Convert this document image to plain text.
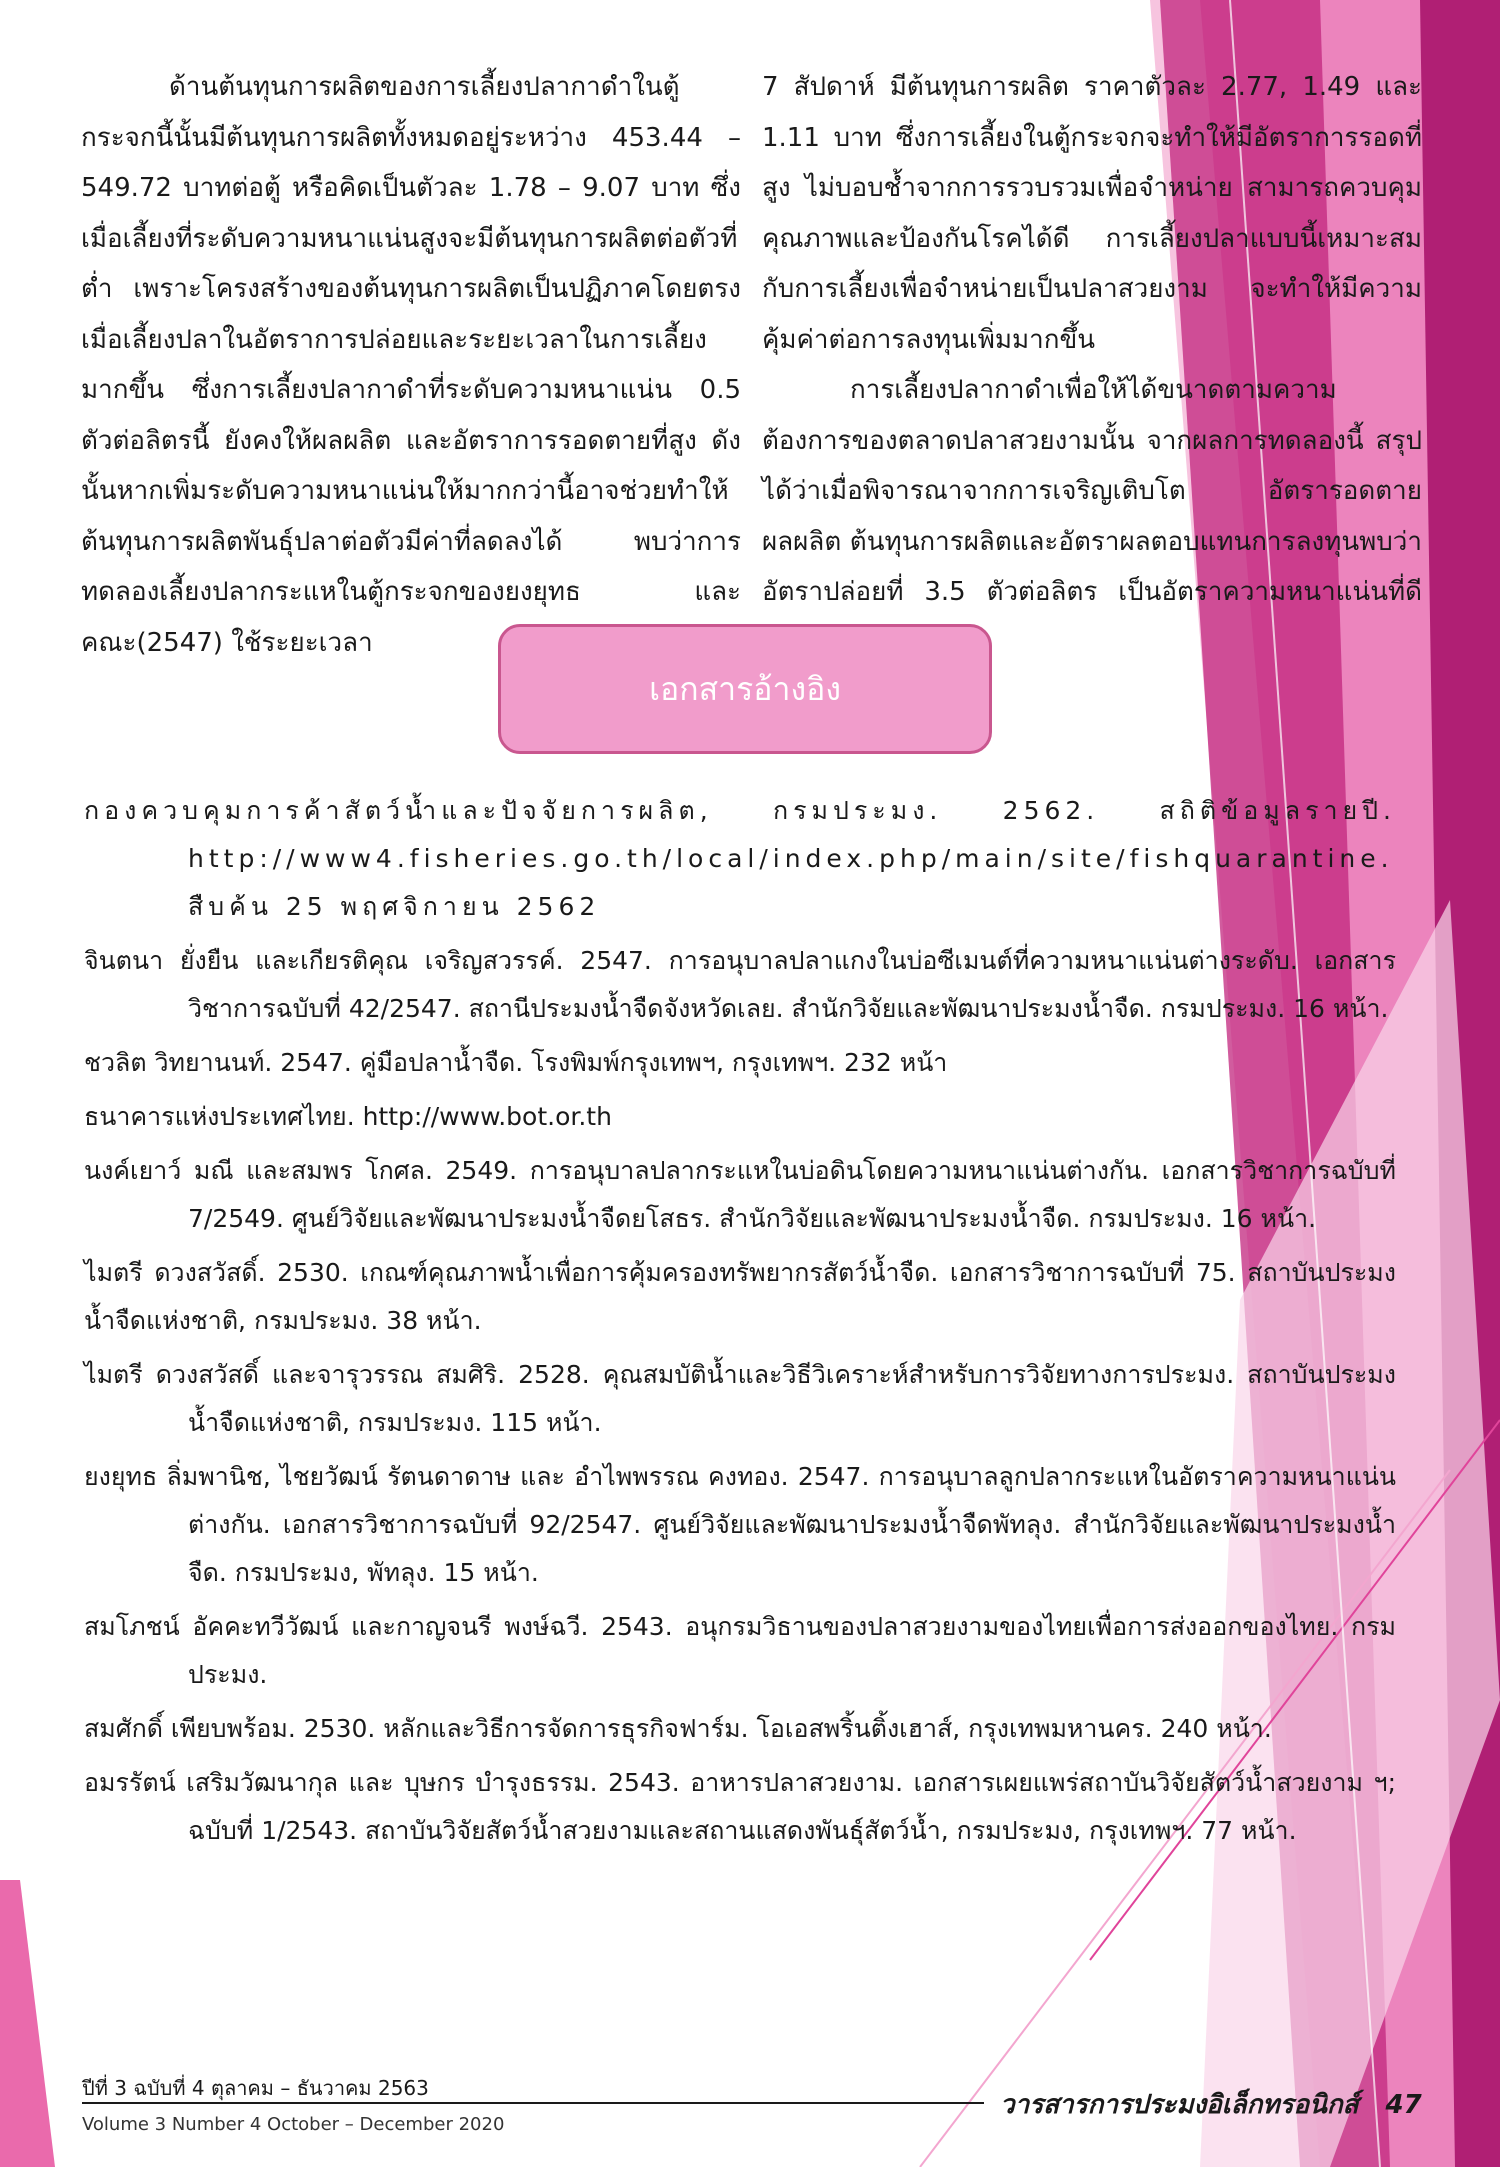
ด้านต้นทุนการผลิตของการเลี้ยงปลากาดำในตู้กระจกนี้นั้นมีต้นทุนการผลิตทั้งหมดอยู่ระหว่าง 453.44 – 549.72 บาทต่อตู้ หรือคิดเป็นตัวละ 1.78 – 9.07 บาท ซึ่งเมื่อเลี้ยงที่ระดับความหนาแน่นสูงจะมีต้นทุนการผลิตต่อตัวที่ต่ำ เพราะโครงสร้างของต้นทุนการผลิตเป็นปฏิภาคโดยตรงเมื่อเลี้ยงปลาในอัตราการปล่อยและระยะเวลาในการเลี้ยงมากขึ้น ซึ่งการเลี้ยงปลากาดำที่ระดับความหนาแน่น 0.5 ตัวต่อลิตรนี้ ยังคงให้ผลผลิต และอัตราการรอดตายที่สูง ดังนั้นหากเพิ่มระดับความหนาแน่นให้มากกว่านี้อาจช่วยทำให้ต้นทุนการผลิตพันธุ์ปลาต่อตัวมีค่าที่ลดลงได้ พบว่าการทดลองเลี้ยงปลากระแหในตู้กระจกของยงยุทธ และคณะ(2547) ใช้ระยะเวลา

7 สัปดาห์ มีต้นทุนการผลิต ราคาตัวละ 2.77, 1.49 และ 1.11 บาท ซึ่งการเลี้ยงในตู้กระจกจะทำให้มีอัตราการรอดที่สูง ไม่บอบช้ำจากการรวบรวมเพื่อจำหน่าย สามารถควบคุมคุณภาพและป้องกันโรคได้ดี การเลี้ยงปลาแบบนี้เหมาะสมกับการเลี้ยงเพื่อจำหน่ายเป็นปลาสวยงาม จะทำให้มีความคุ้มค่าต่อการลงทุนเพิ่มมากขึ้น

การเลี้ยงปลากาดำเพื่อให้ได้ขนาดตามความต้องการของตลาดปลาสวยงามนั้น จากผลการทดลองนี้ สรุปได้ว่าเมื่อพิจารณาจากการเจริญเติบโต อัตรารอดตาย ผลผลิต ต้นทุนการผลิตและอัตราผลตอบแทนการลงทุนพบว่า อัตราปล่อยที่ 3.5 ตัวต่อลิตร เป็นอัตราความหนาแน่นที่ดี

เอกสารอ้างอิง

กองควบคุมการค้าสัตว์น้ำและปัจจัยการผลิต, กรมประมง. 2562. สถิติข้อมูลรายปี. http://www4.fisheries.go.th/local/index.php/main/site/fishquarantine. สืบค้น 25 พฤศจิกายน 2562

จินตนา ยั่งยืน และเกียรติคุณ เจริญสวรรค์. 2547. การอนุบาลปลาแกงในบ่อซีเมนต์ที่ความหนาแน่นต่างระดับ. เอกสารวิชาการฉบับที่ 42/2547. สถานีประมงน้ำจืดจังหวัดเลย. สำนักวิจัยและพัฒนาประมงน้ำจืด. กรมประมง. 16 หน้า.

ชวลิต วิทยานนท์. 2547. คู่มือปลาน้ำจืด. โรงพิมพ์กรุงเทพฯ, กรุงเทพฯ. 232 หน้า

ธนาคารแห่งประเทศไทย. http://www.bot.or.th

นงค์เยาว์ มณี และสมพร โกศล. 2549. การอนุบาลปลากระแหในบ่อดินโดยความหนาแน่นต่างกัน. เอกสารวิชาการฉบับที่ 7/2549. ศูนย์วิจัยและพัฒนาประมงน้ำจืดยโสธร. สำนักวิจัยและพัฒนาประมงน้ำจืด. กรมประมง. 16 หน้า.

ไมตรี ดวงสวัสดิ์. 2530. เกณฑ์คุณภาพน้ำเพื่อการคุ้มครองทรัพยากรสัตว์น้ำจืด. เอกสารวิชาการฉบับที่ 75. สถาบันประมงน้ำจืดแห่งชาติ, กรมประมง. 38 หน้า.

ไมตรี ดวงสวัสดิ์ และจารุวรรณ สมศิริ. 2528. คุณสมบัติน้ำและวิธีวิเคราะห์สำหรับการวิจัยทางการประมง. สถาบันประมงน้ำจืดแห่งชาติ, กรมประมง. 115 หน้า.

ยงยุทธ ลิ่มพานิช, ไชยวัฒน์ รัตนดาดาษ และ อำไพพรรณ คงทอง. 2547. การอนุบาลลูกปลากระแหในอัตราความหนาแน่นต่างกัน. เอกสารวิชาการฉบับที่ 92/2547. ศูนย์วิจัยและพัฒนาประมงน้ำจืดพัทลุง. สำนักวิจัยและพัฒนาประมงน้ำจืด. กรมประมง, พัทลุง. 15 หน้า.

สมโภชน์ อัคคะทวีวัฒน์ และกาญจนรี พงษ์ฉวี. 2543. อนุกรมวิธานของปลาสวยงามของไทยเพื่อการส่งออกของไทย. กรมประมง.

สมศักดิ์ เพียบพร้อม. 2530. หลักและวิธีการจัดการธุรกิจฟาร์ม. โอเอสพริ้นติ้งเฮาส์, กรุงเทพมหานคร. 240 หน้า.

อมรรัตน์ เสริมวัฒนากุล และ บุษกร บำรุงธรรม. 2543. อาหารปลาสวยงาม. เอกสารเผยแพร่สถาบันวิจัยสัตว์น้ำสวยงาม ฯ; ฉบับที่ 1/2543. สถาบันวิจัยสัตว์น้ำสวยงามและสถานแสดงพันธุ์สัตว์น้ำ, กรมประมง, กรุงเทพฯ. 77 หน้า.

ปีที่ 3 ฉบับที่ 4 ตุลาคม – ธันวาคม 2563
Volume 3 Number 4 October – December 2020
วารสารการประมงอิเล็กทรอนิกส์ 47
